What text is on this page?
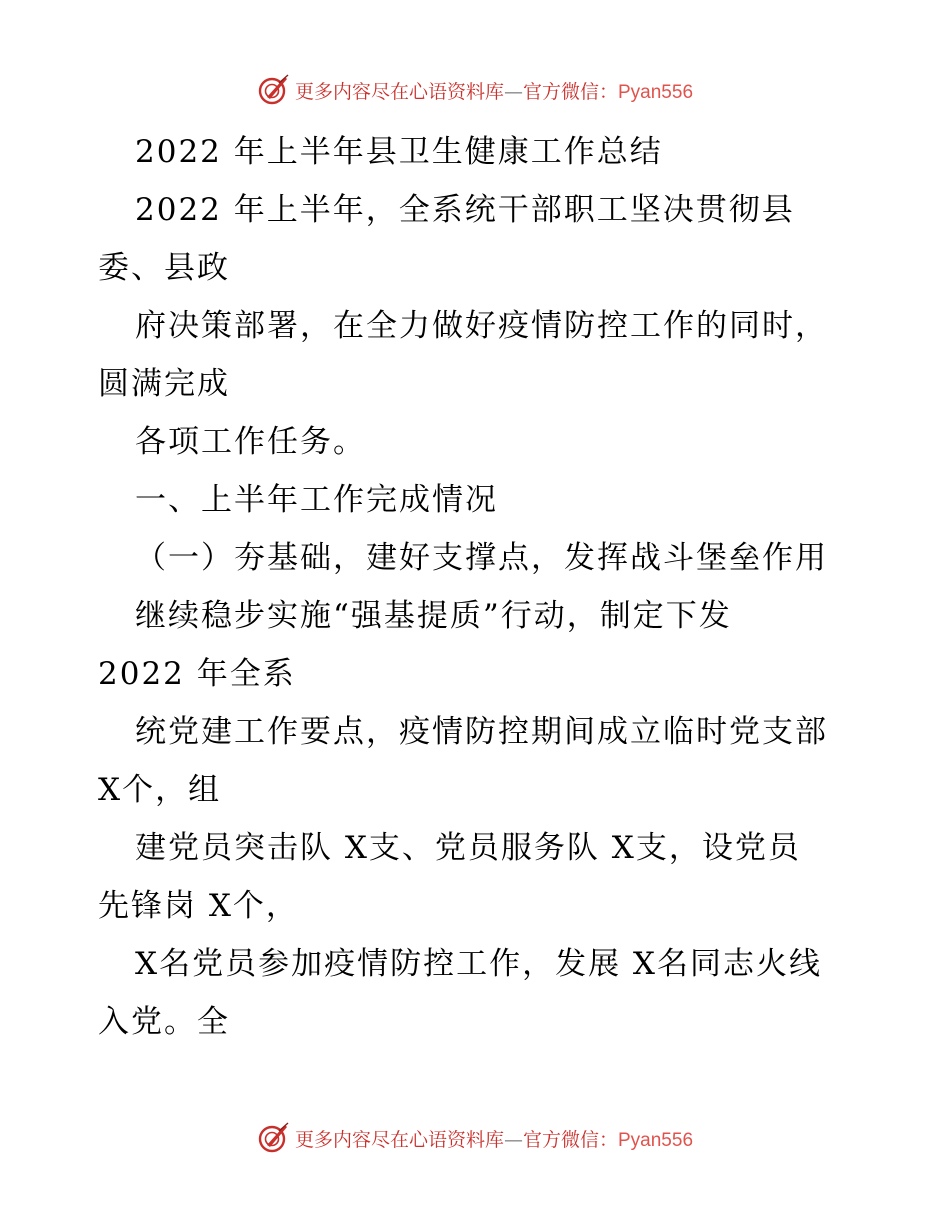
更多内容尽在心语资料库—官方微信：Pyan556
2022 年上半年县卫生健康工作总结
2022 年上半年，全系统干部职工坚决贯彻县
委、县政
府决策部署，在全力做好疫情防控工作的同时，
圆满完成
各项工作任务。
一、上半年工作完成情况
（一）夯基础，建好支撑点，发挥战斗堡垒作用
继续稳步实施“强基提质”行动，制定下发
2022 年全系
统党建工作要点，疫情防控期间成立临时党支部
X个，组
建党员突击队 X支、党员服务队 X支，设党员
先锋岗 X个，
X名党员参加疫情防控工作，发展 X名同志火线
入党。全
更多内容尽在心语资料库—官方微信：Pyan556
